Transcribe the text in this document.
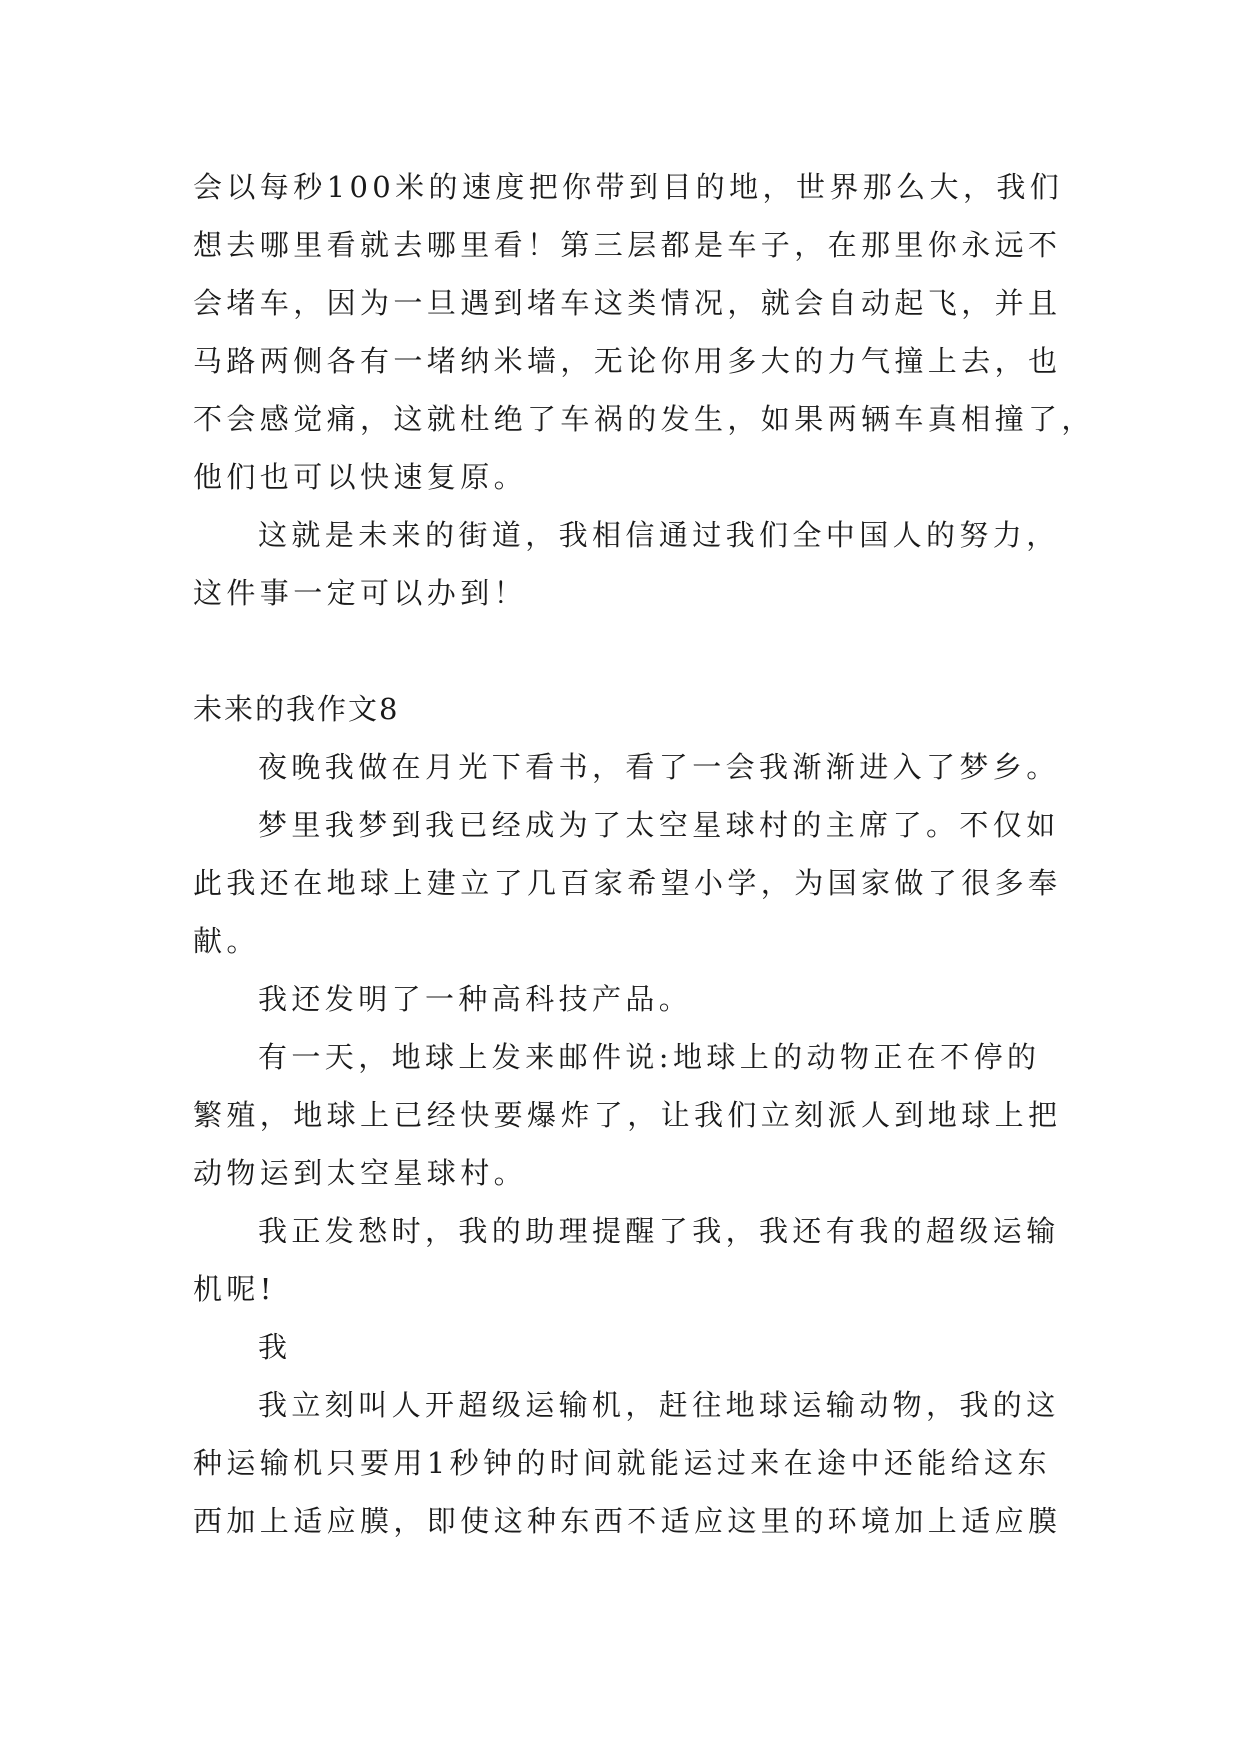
会以每秒100米的速度把你带到目的地，世界那么大，我们
想去哪里看就去哪里看！第三层都是车子，在那里你永远不
会堵车，因为一旦遇到堵车这类情况，就会自动起飞，并且
马路两侧各有一堵纳米墙，无论你用多大的力气撞上去，也
不会感觉痛，这就杜绝了车祸的发生，如果两辆车真相撞了，
他们也可以快速复原。
这就是未来的街道，我相信通过我们全中国人的努力，
这件事一定可以办到！
未来的我作文8
夜晚我做在月光下看书，看了一会我渐渐进入了梦乡。
梦里我梦到我已经成为了太空星球村的主席了。不仅如
此我还在地球上建立了几百家希望小学，为国家做了很多奉
献。
我还发明了一种高科技产品。
有一天，地球上发来邮件说:地球上的动物正在不停的
繁殖，地球上已经快要爆炸了，让我们立刻派人到地球上把
动物运到太空星球村。
我正发愁时，我的助理提醒了我，我还有我的超级运输
机呢!
我
我立刻叫人开超级运输机，赶往地球运输动物，我的这
种运输机只要用1秒钟的时间就能运过来在途中还能给这东
西加上适应膜，即使这种东西不适应这里的环境加上适应膜
